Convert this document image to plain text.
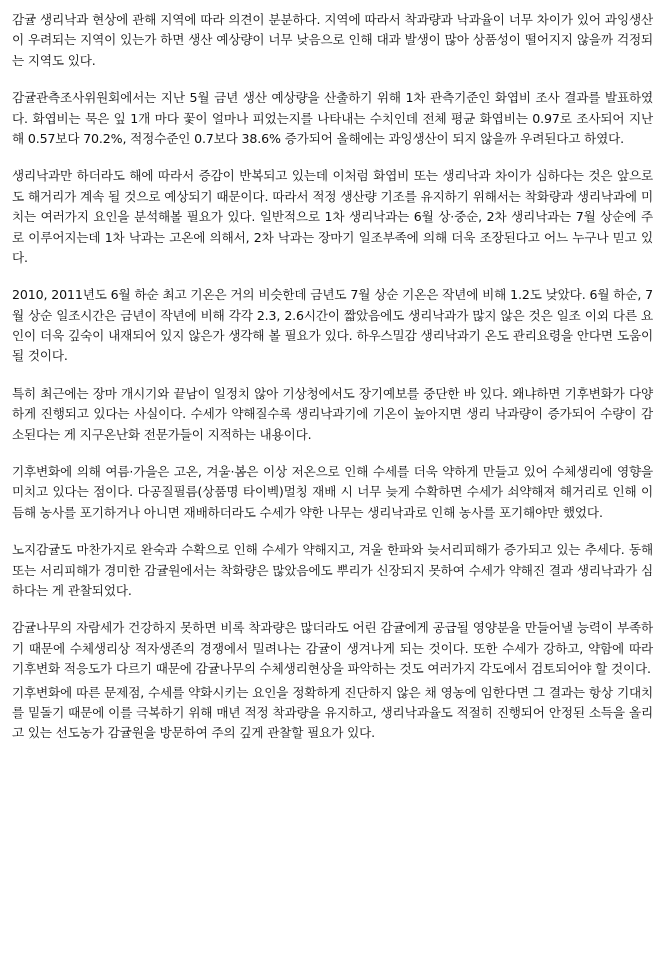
감귤 생리낙과 현상에 관해 지역에 따라 의견이 분분하다. 지역에 따라서 착과량과 낙과율이 너무 차이가 있어 과잉생산이 우려되는 지역이 있는가 하면 생산 예상량이 너무 낮음으로 인해 대과 발생이 많아 상품성이 떨어지지 않을까 걱정되는 지역도 있다.

감귤관측조사위원회에서는 지난 5월 금년 생산 예상량을 산출하기 위해 1차 관측기준인 화엽비 조사 결과를 발표하였다. 화엽비는 묵은 잎 1개 마다 꽃이 얼마나 피었는지를 나타내는 수치인데 전체 평균 화엽비는 0.97로 조사되어 지난해 0.57보다 70.2%, 적정수준인 0.7보다 38.6% 증가되어 올해에는 과잉생산이 되지 않을까 우려된다고 하였다.

생리낙과만 하더라도 해에 따라서 증감이 반복되고 있는데 이처럼 화엽비 또는 생리낙과 차이가 심하다는 것은 앞으로도 해거리가 계속 될 것으로 예상되기 때문이다. 따라서 적정 생산량 기조를 유지하기 위해서는 착화량과 생리낙과에 미치는 여러가지 요인을 분석해볼 필요가 있다. 일반적으로 1차 생리낙과는 6월 상·중순, 2차 생리낙과는 7월 상순에 주로 이루어지는데 1차 낙과는 고온에 의해서, 2차 낙과는 장마기 일조부족에 의해 더욱 조장된다고 어느 누구나 믿고 있다.

2010, 2011년도 6월 하순 최고 기온은 거의 비슷한데 금년도 7월 상순 기온은 작년에 비해 1.2도 낮았다. 6월 하순, 7월 상순 일조시간은 금년이 작년에 비해 각각 2.3, 2.6시간이 짧았음에도 생리낙과가 많지 않은 것은 일조 이외 다른 요인이 더욱 깊숙이 내재되어 있지 않은가 생각해 볼 필요가 있다. 하우스밀감 생리낙과기 온도 관리요령을 안다면 도움이 될 것이다.

특히 최근에는 장마 개시기와 끝남이 일정치 않아 기상청에서도 장기예보를 중단한 바 있다. 왜냐하면 기후변화가 다양하게 진행되고 있다는 사실이다. 수세가 약해질수록 생리낙과기에 기온이 높아지면 생리 낙과량이 증가되어 수량이 감소된다는 게 지구온난화 전문가들이 지적하는 내용이다.

기후변화에 의해 여름·가을은 고온, 겨울·봄은 이상 저온으로 인해 수세를 더욱 약하게 만들고 있어 수체생리에 영향을 미치고 있다는 점이다. 다공질필름(상품명 타이벡)멀칭 재배 시 너무 늦게 수확하면 수세가 쇠약해져 해거리로 인해 이듬해 농사를 포기하거나 아니면 재배하더라도 수세가 약한 나무는 생리낙과로 인해 농사를 포기해야만 했었다.

노지감귤도 마찬가지로 완숙과 수확으로 인해 수세가 약해지고, 겨울 한파와 늦서리피해가 증가되고 있는 추세다. 동해 또는 서리피해가 경미한 감귤원에서는 착화량은 많았음에도 뿌리가 신장되지 못하여 수세가 약해진 결과 생리낙과가 심하다는 게 관찰되었다.

감귤나무의 자람세가 건강하지 못하면 비록 착과량은 많더라도 어린 감귤에게 공급될 영양분을 만들어낼 능력이 부족하기 때문에 수체생리상 적자생존의 경쟁에서 밀려나는 감귤이 생겨나게 되는 것이다. 또한 수세가 강하고, 약함에 따라 기후변화 적응도가 다르기 때문에 감귤나무의 수체생리현상을 파악하는 것도 여러가지 각도에서 검토되어야 할 것이다.

기후변화에 따른 문제점, 수세를 약화시키는 요인을 정확하게 진단하지 않은 채 영농에 임한다면 그 결과는 항상 기대치를 밑돌기 때문에 이를 극복하기 위해 매년 적정 착과량을 유지하고, 생리낙과율도 적절히 진행되어 안정된 소득을 올리고 있는 선도농가 감귤원을 방문하여 주의 깊게 관찰할 필요가 있다.
